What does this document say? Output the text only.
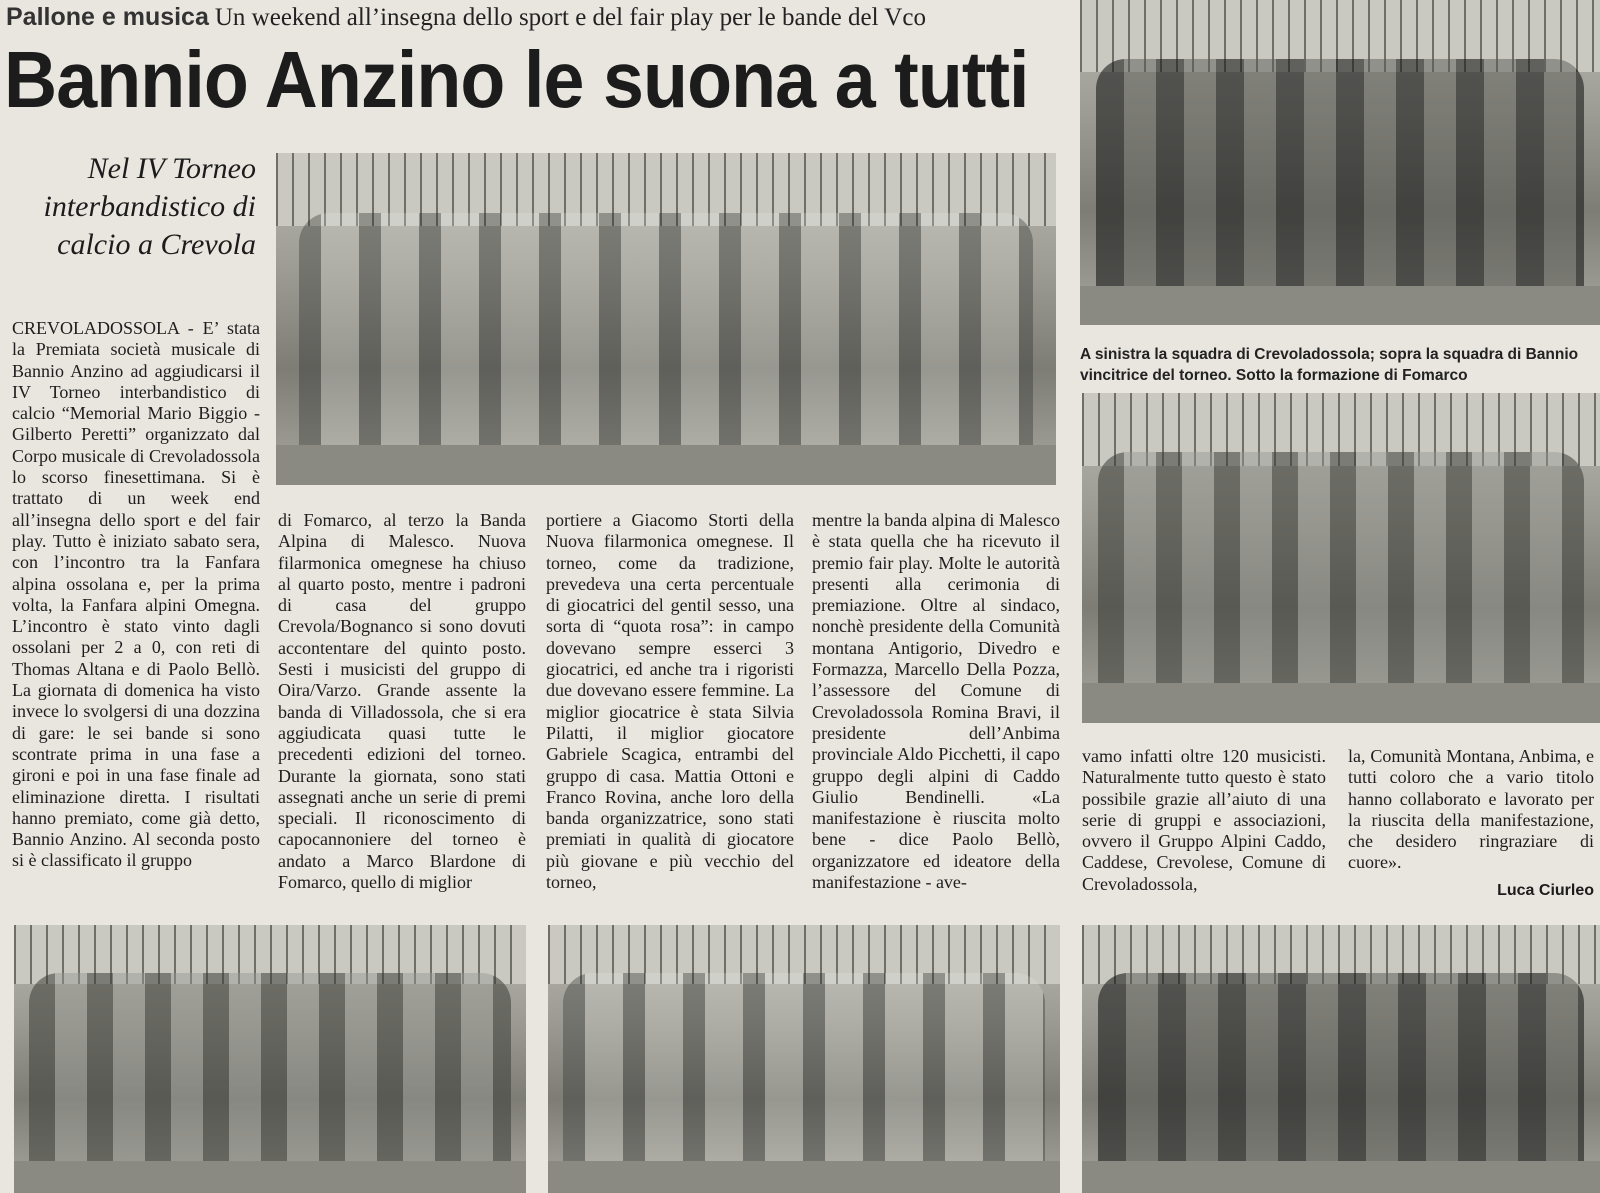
Pallone e musica Un weekend all’insegna dello sport e del fair play per le bande del Vco
Bannio Anzino le suona a tutti
Nel IV Torneo interbandistico di calcio a Crevola
A sinistra la squadra di Crevoladossola; sopra la squadra di Bannio vincitrice del torneo. Sotto la formazione di Fomarco

CREVOLADOSSOLA - E’ stata la Premiata società musicale di Bannio Anzino ad aggiudicarsi il IV Torneo interbandistico di calcio “Memorial Mario Biggio - Gilberto Peretti” organizzato dal Corpo musicale di Crevoladossola lo scorso finesettimana. Si è trattato di un week end all’insegna dello sport e del fair play. Tutto è iniziato sabato sera, con l’incontro tra la Fanfara alpina ossolana e, per la prima volta, la Fanfara alpini Omegna. L’incontro è stato vinto dagli ossolani per 2 a 0, con reti di Thomas Altana e di Paolo Bellò. La giornata di domenica ha visto invece lo svolgersi di una dozzina di gare: le sei bande si sono scontrate prima in una fase a gironi e poi in una fase finale ad eliminazione diretta. I risultati hanno premiato, come già detto, Bannio Anzino. Al seconda posto si è classificato il gruppo

di Fomarco, al terzo la Banda Alpina di Malesco. Nuova filarmonica omegnese ha chiuso al quarto posto, mentre i padroni di casa del gruppo Crevola/Bognanco si sono dovuti accontentare del quinto posto. Sesti i musicisti del gruppo di Oira/Varzo. Grande assente la banda di Villadossola, che si era aggiudicata quasi tutte le precedenti edizioni del torneo. Durante la giornata, sono stati assegnati anche un serie di premi speciali. Il riconoscimento di capocannoniere del torneo è andato a Marco Blardone di Fomarco, quello di miglior

portiere a Giacomo Storti della Nuova filarmonica omegnese. Il torneo, come da tradizione, prevedeva una certa percentuale di giocatrici del gentil sesso, una sorta di “quota rosa”: in campo dovevano sempre esserci 3 giocatrici, ed anche tra i rigoristi due dovevano essere femmine. La miglior giocatrice è stata Silvia Pilatti, il miglior giocatore Gabriele Scagica, entrambi del gruppo di casa. Mattia Ottoni e Franco Rovina, anche loro della banda organizzatrice, sono stati premiati in qualità di giocatore più giovane e più vecchio del torneo,

mentre la banda alpina di Malesco è stata quella che ha ricevuto il premio fair play. Molte le autorità presenti alla cerimonia di premiazione. Oltre al sindaco, nonchè presidente della Comunità montana Antigorio, Divedro e Formazza, Marcello Della Pozza, l’assessore del Comune di Crevoladossola Romina Bravi, il presidente dell’Anbima provinciale Aldo Picchetti, il capo gruppo degli alpini di Caddo Giulio Bendinelli. «La manifestazione è riuscita molto bene - dice Paolo Bellò, organizzatore ed ideatore della manifestazione - ave-

vamo infatti oltre 120 musicisti. Naturalmente tutto questo è stato possibile grazie all’aiuto di una serie di gruppi e associazioni, ovvero il Gruppo Alpini Caddo, Caddese, Crevolese, Comune di Crevoladossola,

la, Comunità Montana, Anbima, e tutti coloro che a vario titolo hanno collaborato e lavorato per la riuscita della manifestazione, che desidero ringraziare di cuore».

Luca Ciurleo
